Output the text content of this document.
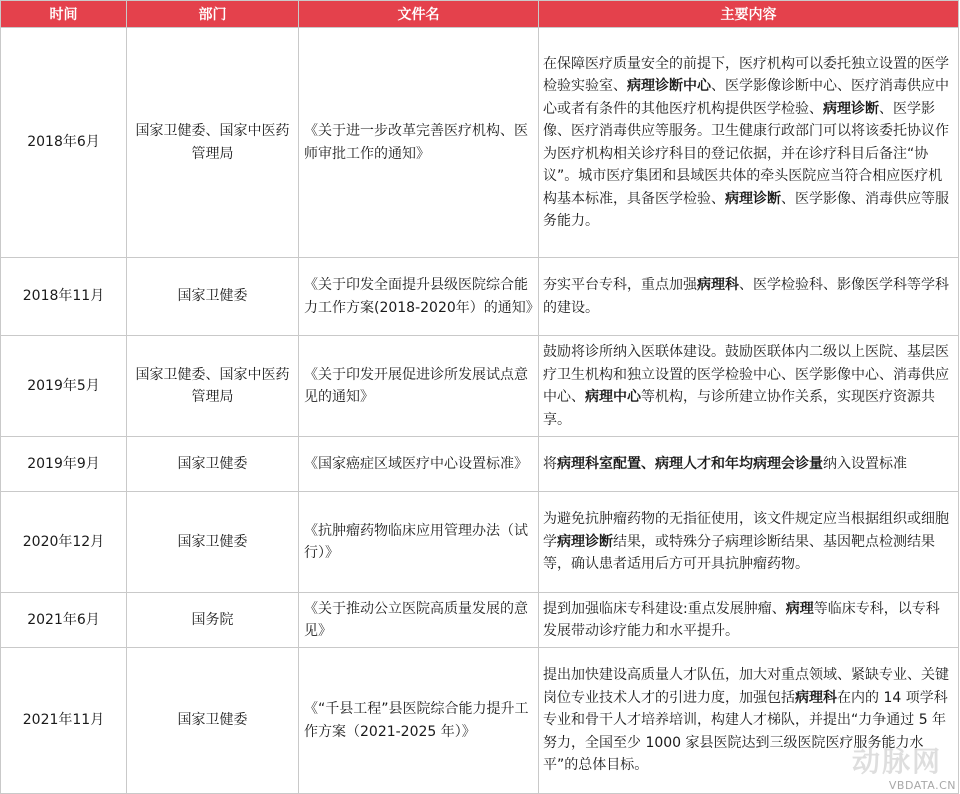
时间	部门	文件名	主要内容
2018年6月	国家卫健委、国家中医药管理局	《关于进一步改革完善医疗机构、医师审批工作的通知》	在保障医疗质量安全的前提下，医疗机构可以委托独立设置的医学检验实验室、病理诊断中心、医学影像诊断中心、医疗消毒供应中心或者有条件的其他医疗机构提供医学检验、病理诊断、医学影像、医疗消毒供应等服务。卫生健康行政部门可以将该委托协议作为医疗机构相关诊疗科目的登记依据，并在诊疗科目后备注“协议”。城市医疗集团和县域医共体的牵头医院应当符合相应医疗机构基本标准，具备医学检验、病理诊断、医学影像、消毒供应等服务能力。
2018年11月	国家卫健委	《关于印发全面提升县级医院综合能力工作方案(2018-2020年）的通知》	夯实平台专科，重点加强病理科、医学检验科、影像医学科等学科的建设。
2019年5月	国家卫健委、国家中医药管理局	《关于印发开展促进诊所发展试点意见的通知》	鼓励将诊所纳入医联体建设。鼓励医联体内二级以上医院、基层医疗卫生机构和独立设置的医学检验中心、医学影像中心、消毒供应中心、病理中心等机构，与诊所建立协作关系，实现医疗资源共享。
2019年9月	国家卫健委	《国家癌症区域医疗中心设置标准》	将病理科室配置、病理人才和年均病理会诊量纳入设置标准
2020年12月	国家卫健委	《抗肿瘤药物临床应用管理办法（试行）》	为避免抗肿瘤药物的无指征使用，该文件规定应当根据组织或细胞学病理诊断结果，或特殊分子病理诊断结果、基因靶点检测结果等，确认患者适用后方可开具抗肿瘤药物。
2021年6月	国务院	《关于推动公立医院高质量发展的意见》	提到加强临床专科建设:重点发展肿瘤、病理等临床专科，以专科发展带动诊疗能力和水平提升。
2021年11月	国家卫健委	《“千县工程”县医院综合能力提升工作方案（2021-2025 年）》	提出加快建设高质量人才队伍，加大对重点领域、紧缺专业、关键岗位专业技术人才的引进力度，加强包括病理科在内的 14 项学科专业和骨干人才培养培训，构建人才梯队，并提出“力争通过 5 年努力，全国至少 1000 家县医院达到三级医院医疗服务能力水平”的总体目标。	动脉网
VBDATA.CN
